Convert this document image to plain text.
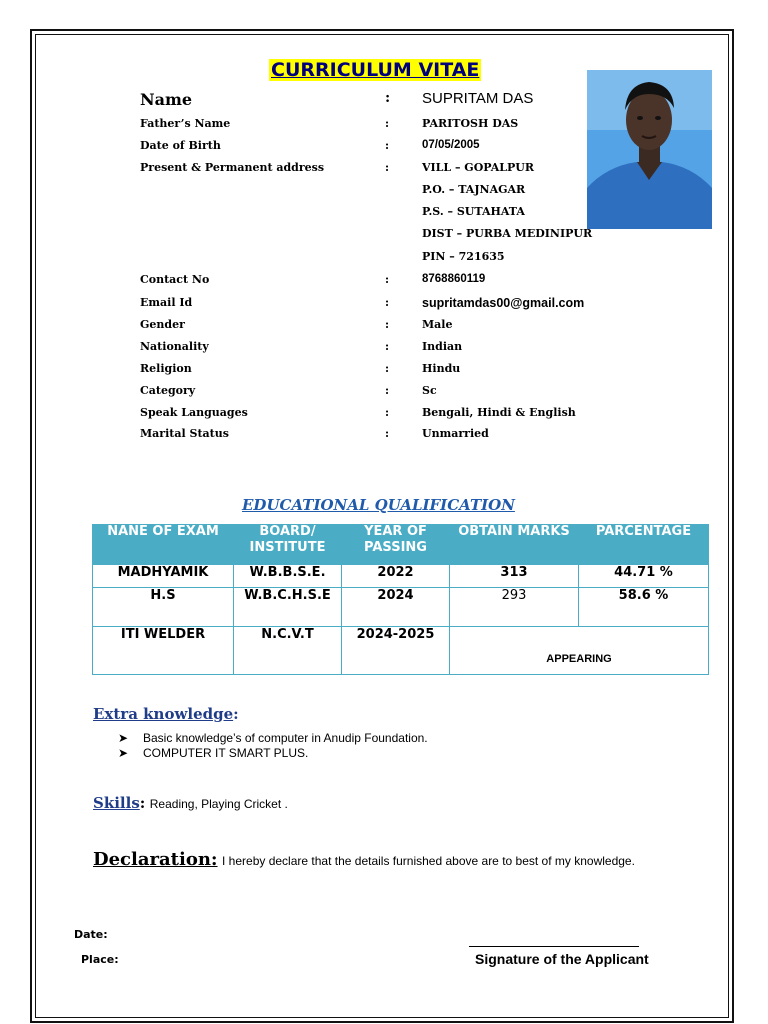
CURRICULUM VITAE
Name	: SUPRITAM DAS
Father’s Name	:	PARITOSH DAS
Date of Birth	:	07/05/2005
Present & Permanent address	:	VILL – GOPALPUR
P.O. – TAJNAGAR
P.S. – SUTAHATA
DIST – PURBA MEDINIPUR
PIN – 721635
Contact No	:	8768860119
Email Id	:	supritamdas00@gmail.com
Gender	:	Male
Nationality	:	Indian
Religion	:	Hindu
Category	:	Sc
Speak Languages	:	Bengali, Hindi & English
Marital Status	:	Unmarried
EDUCATIONAL QUALIFICATION
NANE OF EXAM	BOARD/ INSTITUTE	YEAR OF PASSING	OBTAIN MARKS	PARCENTAGE
MADHYAMIK	W.B.B.S.E.	2022	313	44.71 %
H.S	W.B.C.H.S.E	2024	293	58.6 %
ITI WELDER	N.C.V.T	2024-2025	APPEARING	
Extra knowledge:
➤ Basic knowledge’s of computer in Anudip Foundation.
➤ COMPUTER IT SMART PLUS.
Skills: Reading, Playing Cricket .
Declaration: I hereby declare that the details furnished above are to best of my knowledge.
Date:
Place:	Signature of the Applicant
